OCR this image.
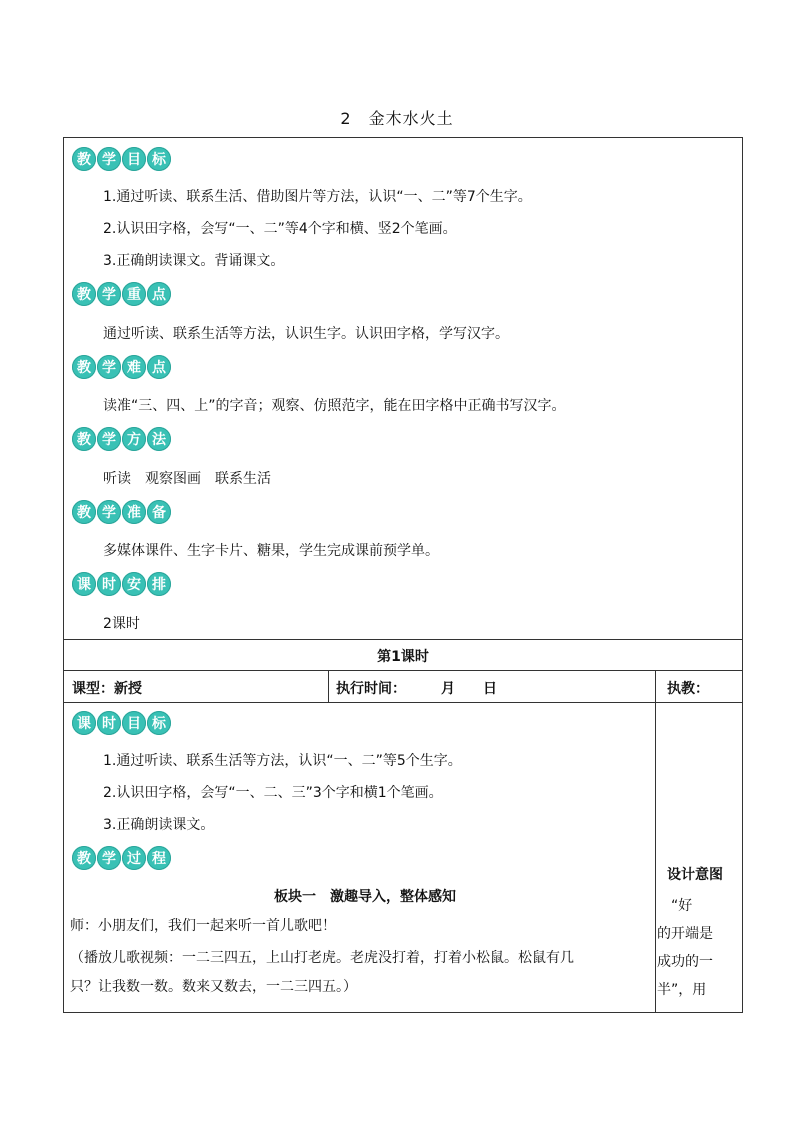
2　金木水火土
教 学 目 标
1.通过听读、联系生活、借助图片等方法，认识“一、二”等7个生字。
2.认识田字格，会写“一、二”等4个字和横、竖2个笔画。
3.正确朗读课文。背诵课文。
教 学 重 点
通过听读、联系生活等方法，认识生字。认识田字格，学写汉字。
教 学 难 点
读准“三、四、上”的字音；观察、仿照范字，能在田字格中正确书写汉字。
教 学 方 法
听读　观察图画　联系生活
教 学 准 备
多媒体课件、生字卡片、糖果，学生完成课前预学单。
课 时 安 排
2课时
第1课时
课型：新授	执行时间：　　　月　　日	执教：
课 时 目 标
1.通过听读、联系生活等方法，认识“一、二”等5个生字。
2.认识田字格，会写“一、二、三”3个字和横1个笔画。
3.正确朗读课文。
教 学 过 程
板块一　激趣导入，整体感知
师：小朋友们，我们一起来听一首儿歌吧！
（播放儿歌视频：一二三四五，上山打老虎。老虎没打着，打着小松鼠。松鼠有几
只？让我数一数。数来又数去，一二三四五。）
设计意图
　“好
的开端是
成功的一
半”，用
